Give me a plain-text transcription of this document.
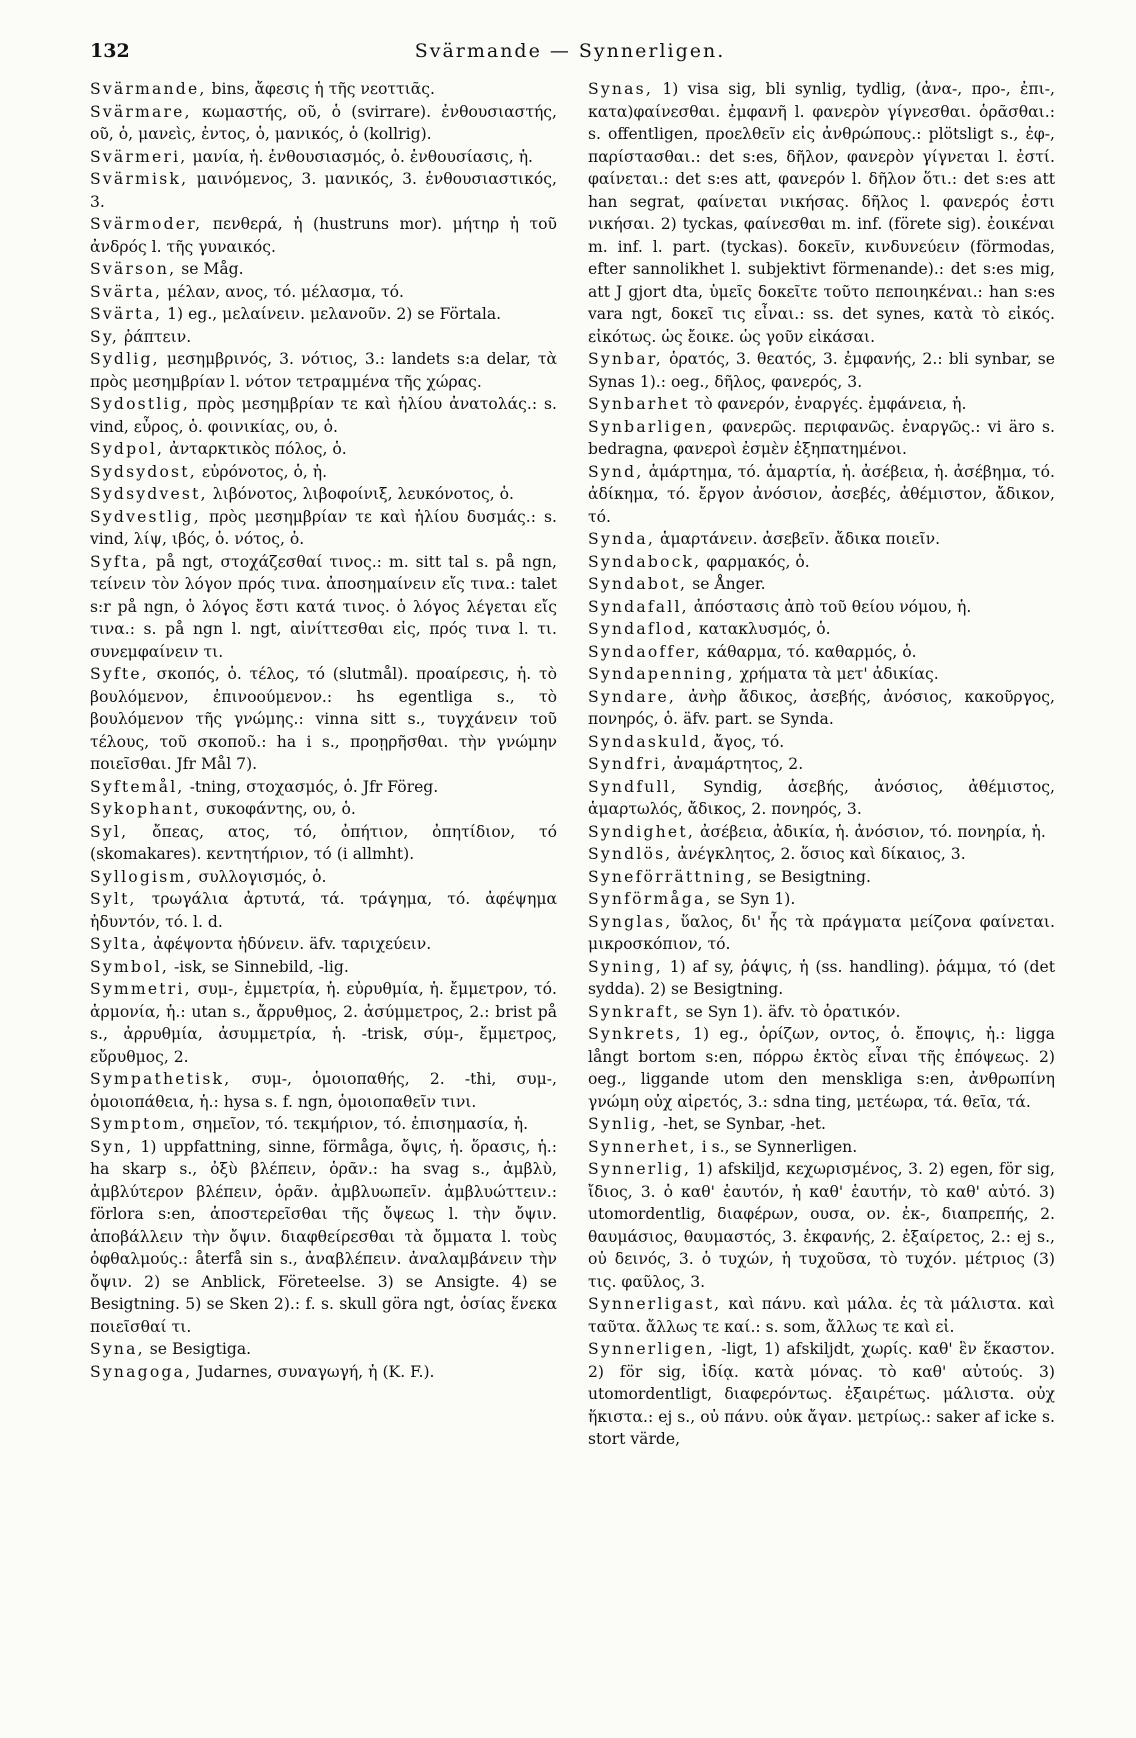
132	Svärmande — Synnerligen.

Svärmande, bins, ἄφεσις ἡ τῆς νεοττιᾶς.

Svärmare, κωμαστής, οῦ, ὁ (svirrare). ἐνθουσιαστής, οῦ, ὁ, μανεὶς, ἐντος, ὁ, μανικός, ὁ (kollrig).

Svärmeri, μανία, ἡ. ἐνθουσιασμός, ὁ. ἐνθουσίασις, ἡ.

Svärmisk, μαινόμενος, 3. μανικός, 3. ἐνθουσιαστικός, 3.

Svärmoder, πενθερά, ἡ (hustruns mor). μήτηρ ἡ τοῦ ἀνδρός l. τῆς γυναικός.

Svärson, se Måg.

Svärta, μέλαν, ανος, τό. μέλασμα, τό.

Svärta, 1) eg., μελαίνειν. μελανοῦν. 2) se Förtala.

Sy, ῥάπτειν.

Sydlig, μεσημβρινός, 3. νότιος, 3.: landets s:a delar, τὰ πρὸς μεσημβρίαν l. νότον τετραμμένα τῆς χώρας.

Sydostlig, πρὸς μεσημβρίαν τε καὶ ἡλίου ἀνατολάς.: s. vind, εὖρος, ὁ. φοινικίας, ου, ὁ.

Sydpol, ἀνταρκτικὸς πόλος, ὁ.

Sydsydost, εὐρόνοτος, ὁ, ἡ.

Sydsydvest, λιβόνοτος, λιβοφοίνιξ, λευκόνοτος, ὁ.

Sydvestlig, πρὸς μεσημβρίαν τε καὶ ἡλίου δυσμάς.: s. vind, λίψ, ιβός, ὁ. νότος, ὁ.

Syfta, på ngt, στοχάζεσθαί τινος.: m. sitt tal s. på ngn, τείνειν τὸν λόγον πρός τινα. ἀποσημαίνειν εἴς τινα.: talet s:r på ngn, ὁ λόγος ἔστι κατά τινος. ὁ λόγος λέγεται εἴς τινα.: s. på ngn l. ngt, αἰνίττεσθαι εἰς, πρός τινα l. τι. συνεμφαίνειν τι.

Syfte, σκοπός, ὁ. τέλος, τό (slutmål). προαίρεσις, ἡ. τὸ βουλόμενον, ἐπινοούμενον.: hs egentliga s., τὸ βουλόμενον τῆς γνώμης.: vinna sitt s., τυγχάνειν τοῦ τέλους, τοῦ σκοποῦ.: ha i s., προῃρῆσθαι. τὴν γνώμην ποιεῖσθαι. Jfr Mål 7).

Syftemål, -tning, στοχασμός, ὁ. Jfr Föreg.

Sykophant, συκοφάντης, ου, ὁ.

Syl, ὄπεας, ατος, τό, ὀπήτιον, ὀπητίδιον, τό (skomakares). κεντητήριον, τό (i allmht).

Syllogism, συλλογισμός, ὁ.

Sylt, τρωγάλια ἀρτυτά, τά. τράγημα, τό. ἀφέψημα ἡδυντόν, τό. l. d.

Sylta, ἀφέψοντα ἡδύνειν. äfv. ταριχεύειν.

Symbol, -isk, se Sinnebild, -lig.

Symmetri, συμ-, ἐμμετρία, ἡ. εὐρυθμία, ἡ. ἔμμετρον, τό. ἁρμονία, ἡ.: utan s., ἄρρυθμος, 2. ἀσύμμετρος, 2.: brist på s., ἀρρυθμία, ἀσυμμετρία, ἡ. -trisk, σύμ-, ἔμμετρος, εὔρυθμος, 2.

Sympathetisk, συμ-, ὁμοιοπαθής, 2. -thi, συμ-, ὁμοιοπάθεια, ἡ.: hysa s. f. ngn, ὁμοιοπαθεῖν τινι.

Symptom, σημεῖον, τό. τεκμήριον, τό. ἐπισημασία, ἡ.

Syn, 1) uppfattning, sinne, förmåga, ὄψις, ἡ. ὅρασις, ἡ.: ha skarp s., ὀξὺ βλέπειν, ὁρᾶν.: ha svag s., ἀμβλὺ, ἀμβλύτερον βλέπειν, ὁρᾶν. ἀμβλυωπεῖν. ἀμβλυώττειν.: förlora s:en, ἀποστερεῖσθαι τῆς ὄψεως l. τὴν ὄψιν. ἀποβάλλειν τὴν ὄψιν. διαφθείρεσθαι τὰ ὄμματα l. τοὺς ὀφθαλμούς.: återfå sin s., ἀναβλέπειν. ἀναλαμβάνειν τὴν ὄψιν. 2) se Anblick, Företeelse. 3) se Ansigte. 4) se Besigtning. 5) se Sken 2).: f. s. skull göra ngt, ὁσίας ἕνεκα ποιεῖσθαί τι.

Syna, se Besigtiga.

Synagoga, Judarnes, συναγωγή, ἡ (K. F.).

Synas, 1) visa sig, bli synlig, tydlig, (ἀνα-, προ-, ἐπι-, κατα)φαίνεσθαι. ἐμφανῆ l. φανερὸν γίγνεσθαι. ὁρᾶσθαι.: s. offentligen, προελθεῖν εἰς ἀνθρώπους.: plötsligt s., ἐφ-, παρίστασθαι.: det s:es, δῆλον, φανερὸν γίγνεται l. ἐστί. φαίνεται.: det s:es att, φανερόν l. δῆλον ὅτι.: det s:es att han segrat, φαίνεται νικήσας. δῆλος l. φανερός ἐστι νικήσαι. 2) tyckas, φαίνεσθαι m. inf. (förete sig). ἐοικέναι m. inf. l. part. (tyckas). δοκεῖν, κινδυνεύειν (förmodas, efter sannolikhet l. subjektivt förmenande).: det s:es mig, att J gjort dta, ὑμεῖς δοκεῖτε τοῦτο πεποιηκέναι.: han s:es vara ngt, δοκεῖ τις εἶναι.: ss. det synes, κατὰ τὸ εἰκός. εἰκότως. ὡς ἔοικε. ὡς γοῦν εἰκάσαι.

Synbar, ὁρατός, 3. θεατός, 3. ἐμφανής, 2.: bli synbar, se Synas 1).: oeg., δῆλος, φανερός, 3.

Synbarhet τὸ φανερόν, ἐναργές. ἐμφάνεια, ἡ.

Synbarligen, φανερῶς. περιφανῶς. ἐναργῶς.: vi äro s. bedragna, φανεροὶ ἐσμὲν ἐξηπατημένοι.

Synd, ἁμάρτημα, τό. ἁμαρτία, ἡ. ἀσέβεια, ἡ. ἀσέβημα, τό. ἀδίκημα, τό. ἔργον ἀνόσιον, ἀσεβές, ἀθέμιστον, ἄδικον, τό.

Synda, ἁμαρτάνειν. ἀσεβεῖν. ἄδικα ποιεῖν.

Syndabock, φαρμακός, ὁ.

Syndabot, se Ånger.

Syndafall, ἀπόστασις ἀπὸ τοῦ θείου νόμου, ἡ.

Syndaflod, κατακλυσμός, ὁ.

Syndaoffer, κάθαρμα, τό. καθαρμός, ὁ.

Syndapenning, χρήματα τὰ μετ' ἀδικίας.

Syndare, ἀνὴρ ἄδικος, ἀσεβής, ἀνόσιος, κακοῦργος, πονηρός, ὁ. äfv. part. se Synda.

Syndaskuld, ἄγος, τό.

Syndfri, ἀναμάρτητος, 2.

Syndfull, Syndig, ἀσεβής, ἀνόσιος, ἀθέμιστος, ἁμαρτωλός, ἄδικος, 2. πονηρός, 3.

Syndighet, ἀσέβεια, ἀδικία, ἡ. ἀνόσιον, τό. πονηρία, ἡ.

Syndlös, ἀνέγκλητος, 2. ὅσιος καὶ δίκαιος, 3.

Syneförrättning, se Besigtning.

Synförmåga, se Syn 1).

Synglas, ὕαλος, δι' ἧς τὰ πράγματα μείζονα φαίνεται. μικροσκόπιον, τό.

Syning, 1) af sy, ῥάψις, ἡ (ss. handling). ῥάμμα, τό (det sydda). 2) se Besigtning.

Synkraft, se Syn 1). äfv. τὸ ὁρατικόν.

Synkrets, 1) eg., ὁρίζων, οντος, ὁ. ἔποψις, ἡ.: ligga långt bortom s:en, πόρρω ἐκτὸς εἶναι τῆς ἐπόψεως. 2) oeg., liggande utom den menskliga s:en, ἀνθρωπίνη γνώμη οὐχ αἱρετός, 3.: sdna ting, μετέωρα, τά. θεῖα, τά.

Synlig, -het, se Synbar, -het.

Synnerhet, i s., se Synnerligen.

Synnerlig, 1) afskiljd, κεχωρισμένος, 3. 2) egen, för sig, ἴδιος, 3. ὁ καθ' ἑαυτόν, ἡ καθ' ἑαυτήν, τὸ καθ' αὑτό. 3) utomordentlig, διαφέρων, ουσα, ον. ἐκ-, διαπρεπής, 2. θαυμάσιος, θαυμαστός, 3. ἐκφανής, 2. ἐξαίρετος, 2.: ej s., οὐ δεινός, 3. ὁ τυχών, ἡ τυχοῦσα, τὸ τυχόν. μέτριος (3) τις. φαῦλος, 3.

Synnerligast, καὶ πάνυ. καὶ μάλα. ἐς τὰ μάλιστα. καὶ ταῦτα. ἄλλως τε καί.: s. som, ἄλλως τε καὶ εἰ.

Synnerligen, -ligt, 1) afskiljdt, χωρίς. καθ' ἓν ἕκαστον. 2) för sig, ἰδίᾳ. κατὰ μόνας. τὸ καθ' αὑτούς. 3) utomordentligt, διαφερόντως. ἐξαιρέτως. μάλιστα. οὐχ ἥκιστα.: ej s., οὐ πάνυ. οὐκ ἄγαν. μετρίως.: saker af icke s. stort värde,
